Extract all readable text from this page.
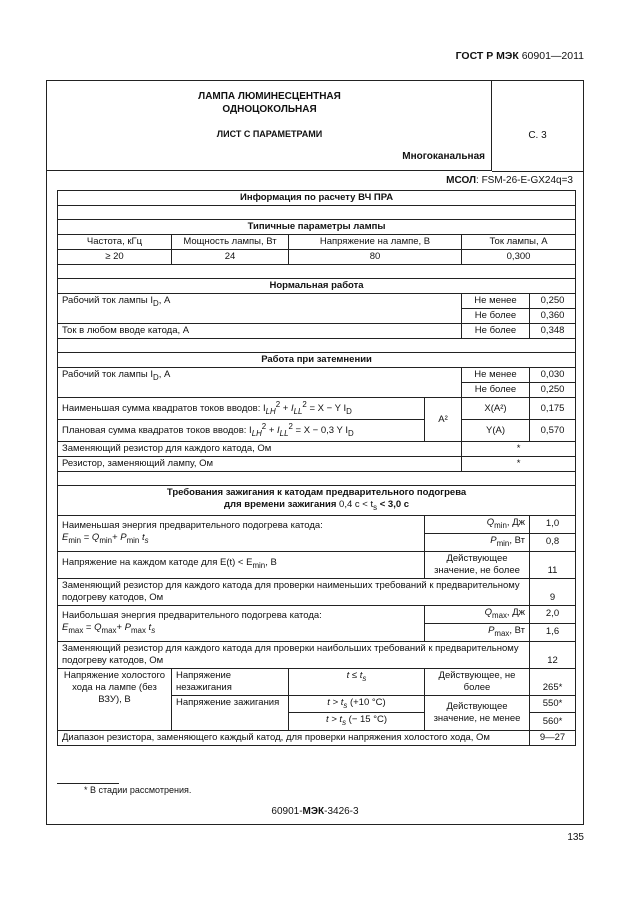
ГОСТ Р МЭК 60901—2011
ЛАМПА ЛЮМИНЕСЦЕНТНАЯ
ОДНОЦОКОЛЬНАЯ
ЛИСТ С ПАРАМЕТРАМИ
Многоканальная
С. 3
МСОЛ: FSM-26-E-GX24q=3
Информация по расчету ВЧ ПРА					

Типичные параметры лампы					
Частота, кГц	Мощность лампы, Вт	Напряжение на лампе, В		Ток лампы, А	
≥ 20	24	80		0,300	

Нормальная работа					
Рабочий ток лампы $I_D$, А				Не менее	0,250
				Не более	0,360
Ток в любом вводе катода, А				Не более	0,348

Работа при затемнении					
Рабочий ток лампы $I_D$, А				Не менее	0,030
				Не более	0,250
Наименьшая сумма квадратов токов вводов: $I_{LH}^2 + I_{LL}^2 = X - Y$ $I_D$			A²	X(A²)	0,175
Плановая сумма квадратов токов вводов: $I_{LH}^2 + I_{LL}^2 = X - 0,3$ Y $I_D$				Y(A)	0,570
Заменяющий резистор для каждого катода, Ом				*	
Резистор, заменяющий лампу, Ом				*	

Требования зажигания к катодам предварительного подогрева
для времени зажигания 0,4 $с < t_s < 3,0$ с					
Наименьшая энергия предварительного подогрева катода:
$E_{min} = Q_{min}+ P_{min}$ $t_s$			$Q_{min}$, Дж		1,0
			$P_{min}$, Вт		0,8
Напряжение на каждом катоде для $E(t) < E_{min}$, В			Действующее значение, не более		11
Заменяющий резистор для каждого катода для проверки наименьших требований к предварительному подогреву катодов, Ом					9
Наибольшая энергия предварительного подогрева катода:
$E_{max} = Q_{max}+ P_{max}$ $t_s$			$Q_{max}$, Дж		2,0
			$P_{max}$, Вт		1,6
Заменяющий резистор для каждого катода для проверки наибольших требований к предварительному подогреву катодов, Ом					12
Напряжение холостого хода на лампе (без ВЗУ), В	Напряжение незажигания	$t \le t_s$	Действующее, не более		265*
	Напряжение зажигания	$t > t_s$ (+10 °C)	Действующее значение, не менее		550*
		$t > t_s$ (− 15 °C)			560*
Диапазон резистора, заменяющего каждый катод, для проверки напряжения холостого хода, Ом					9—27
* В стадии рассмотрения.
60901-МЭК-3426-3
135
